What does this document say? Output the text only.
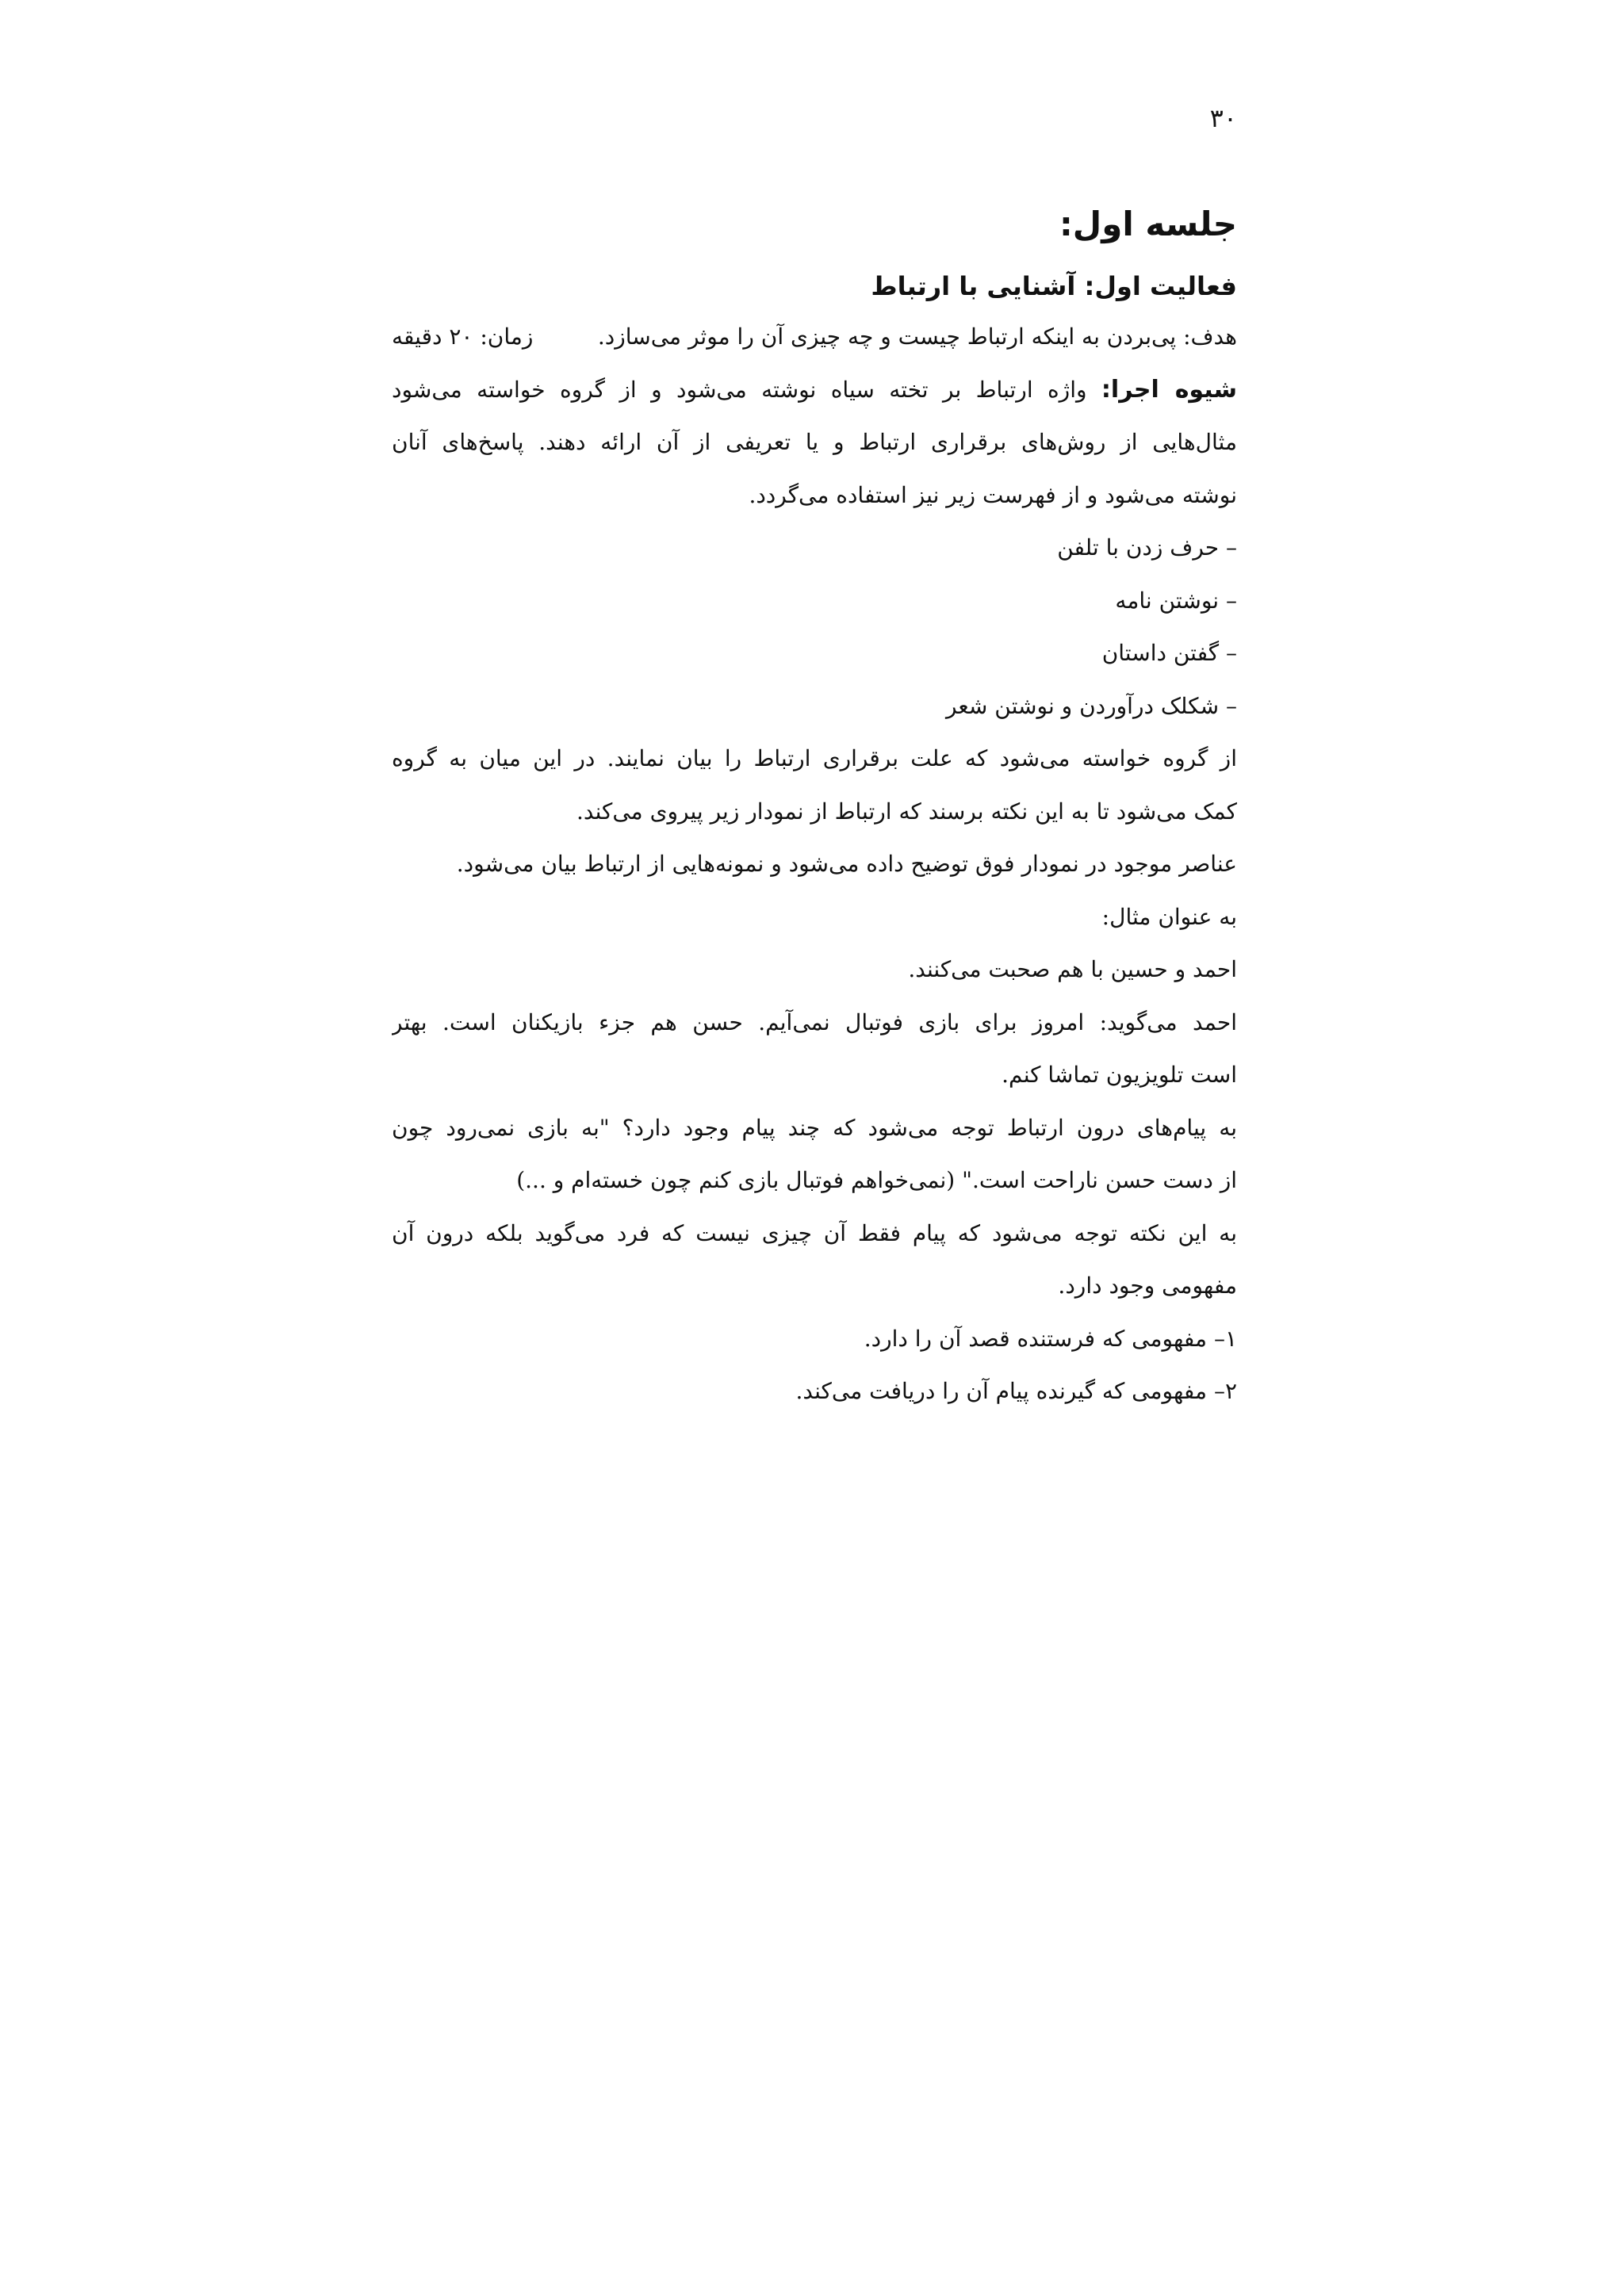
۳۰
جلسه اول:
فعالیت اول: آشنایی با ارتباط
هدف: پی‌بردن به اینکه ارتباط چیست و چه چیزی آن را موثر می‌سازد.
زمان: ۲۰ دقیقه
شیوه اجرا: واژه ارتباط بر تخته سیاه نوشته می‌شود و از گروه خواسته می‌شود
مثال‌هایی از روش‌های برقراری ارتباط و یا تعریفی از آن ارائه دهند. پاسخ‌های آنان
نوشته می‌شود و از فهرست زیر نیز استفاده می‌گردد.
– حرف زدن با تلفن
– نوشتن نامه
– گفتن داستان
– شکلک درآوردن و نوشتن شعر
از گروه خواسته می‌شود که علت برقراری ارتباط را بیان نمایند. در این میان به گروه
کمک می‌شود تا به این نکته برسند که ارتباط از نمودار زیر پیروی می‌کند.
عناصر موجود در نمودار فوق توضیح داده می‌شود و نمونه‌هایی از ارتباط بیان می‌شود.
به عنوان مثال:
احمد و حسین با هم صحبت می‌کنند.
احمد می‌گوید: امروز برای بازی فوتبال نمی‌آیم. حسن هم جزء بازیکنان است. بهتر
است تلویزیون تماشا کنم.
به پیام‌های درون ارتباط توجه می‌شود که چند پیام وجود دارد؟ "به بازی نمی‌رود چون
از دست حسن ناراحت است." (نمی‌خواهم فوتبال بازی کنم چون خسته‌ام و ...)
به این نکته توجه می‌شود که پیام فقط آن چیزی نیست که فرد می‌گوید بلکه درون آن
مفهومی وجود دارد.
۱– مفهومی که فرستنده قصد آن را دارد.
۲– مفهومی که گیرنده پیام آن را دریافت می‌کند.
